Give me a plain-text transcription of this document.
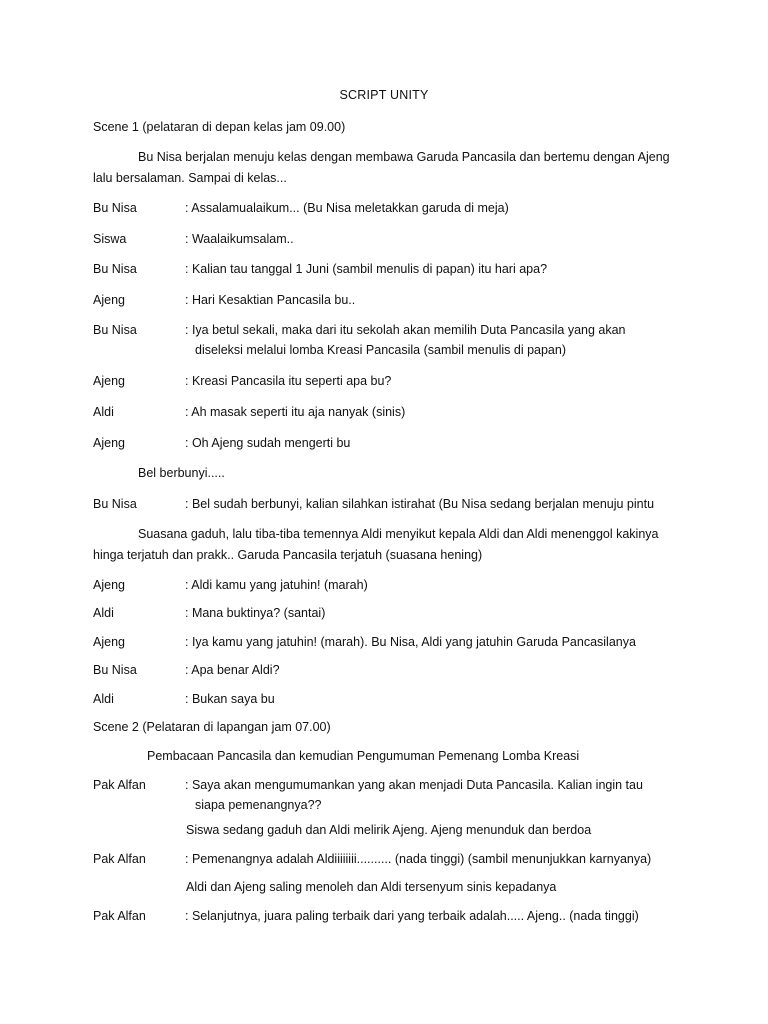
SCRIPT UNITY
Scene 1 (pelataran di depan kelas jam 09.00)
Bu Nisa berjalan menuju kelas dengan membawa Garuda Pancasila dan bertemu dengan Ajeng lalu bersalaman. Sampai di kelas...
Bu Nisa	: Assalamualaikum... (Bu Nisa meletakkan garuda di meja)
Siswa	: Waalaikumsalam..
Bu Nisa	: Kalian tau tanggal 1 Juni (sambil menulis di papan) itu hari apa?
Ajeng	: Hari Kesaktian Pancasila bu..
Bu Nisa	: Iya betul sekali, maka dari itu sekolah akan memilih Duta Pancasila yang akan diseleksi melalui lomba Kreasi Pancasila (sambil menulis di papan)
Ajeng	: Kreasi Pancasila itu seperti apa bu?
Aldi	: Ah masak seperti itu aja nanyak (sinis)
Ajeng	: Oh Ajeng sudah mengerti bu
Bel berbunyi.....
Bu Nisa	: Bel sudah berbunyi, kalian silahkan istirahat (Bu Nisa sedang berjalan menuju pintu
Suasana gaduh, lalu tiba-tiba temennya Aldi menyikut kepala Aldi dan Aldi menenggol kakinya hinga terjatuh dan prakk.. Garuda Pancasila terjatuh (suasana hening)
Ajeng	: Aldi kamu yang jatuhin! (marah)
Aldi	: Mana buktinya? (santai)
Ajeng	: Iya kamu yang jatuhin! (marah). Bu Nisa, Aldi yang jatuhin Garuda Pancasilanya
Bu Nisa	: Apa benar Aldi?
Aldi	: Bukan saya bu
Scene 2 (Pelataran di lapangan jam 07.00)
Pembacaan Pancasila dan kemudian Pengumuman Pemenang Lomba Kreasi
Pak Alfan	: Saya akan mengumumankan yang akan menjadi Duta Pancasila. Kalian ingin tau siapa pemenangnya??
Siswa sedang gaduh dan Aldi melirik Ajeng. Ajeng menunduk dan berdoa
Pak Alfan	: Pemenangnya adalah Aldiiiiiiii.......... (nada tinggi) (sambil menunjukkan karnyanya)
Aldi dan Ajeng saling menoleh dan Aldi tersenyum sinis kepadanya
Pak Alfan	: Selanjutnya, juara paling terbaik dari yang terbaik adalah..... Ajeng.. (nada tinggi)
